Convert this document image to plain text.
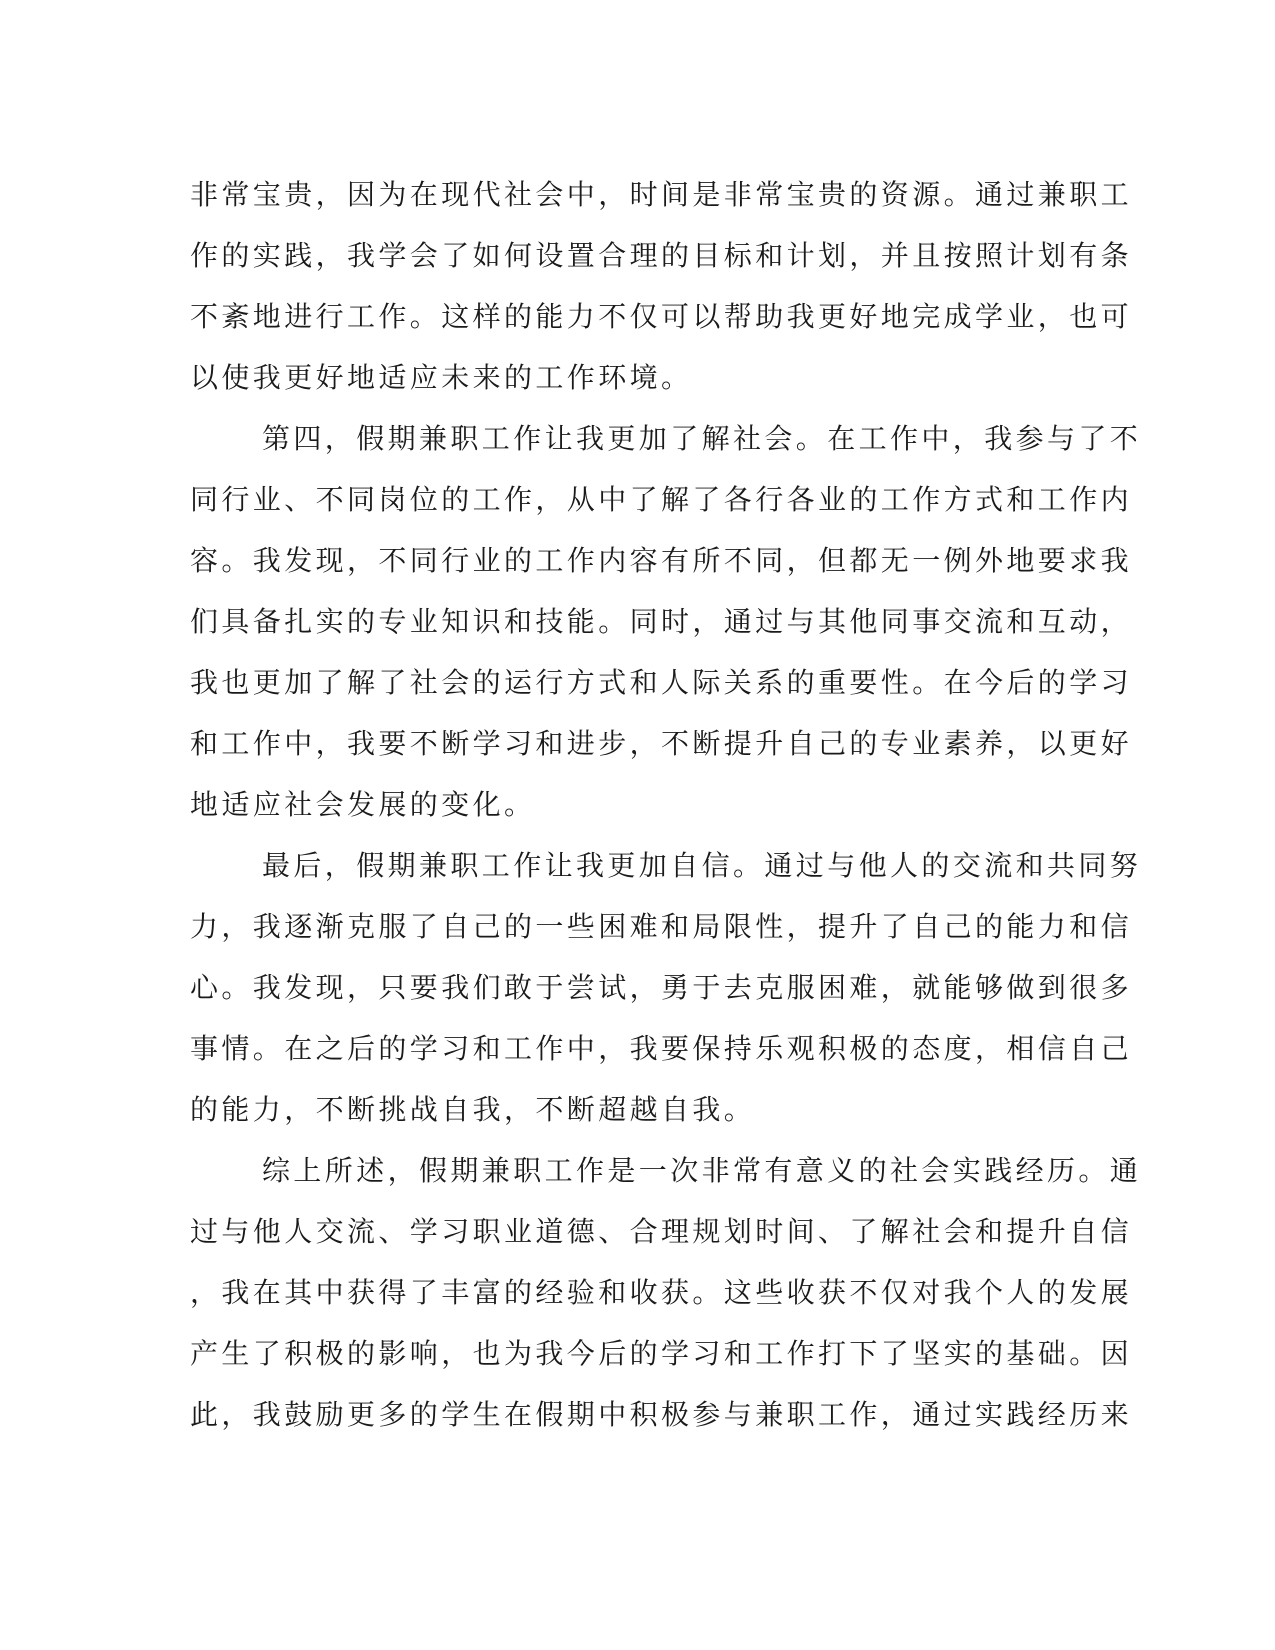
非常宝贵，因为在现代社会中，时间是非常宝贵的资源。通过兼职工
作的实践，我学会了如何设置合理的目标和计划，并且按照计划有条
不紊地进行工作。这样的能力不仅可以帮助我更好地完成学业，也可
以使我更好地适应未来的工作环境。
第四，假期兼职工作让我更加了解社会。在工作中，我参与了不
同行业、不同岗位的工作，从中了解了各行各业的工作方式和工作内
容。我发现，不同行业的工作内容有所不同，但都无一例外地要求我
们具备扎实的专业知识和技能。同时，通过与其他同事交流和互动，
我也更加了解了社会的运行方式和人际关系的重要性。在今后的学习
和工作中，我要不断学习和进步，不断提升自己的专业素养，以更好
地适应社会发展的变化。
最后，假期兼职工作让我更加自信。通过与他人的交流和共同努
力，我逐渐克服了自己的一些困难和局限性，提升了自己的能力和信
心。我发现，只要我们敢于尝试，勇于去克服困难，就能够做到很多
事情。在之后的学习和工作中，我要保持乐观积极的态度，相信自己
的能力，不断挑战自我，不断超越自我。
综上所述，假期兼职工作是一次非常有意义的社会实践经历。通
过与他人交流、学习职业道德、合理规划时间、了解社会和提升自信
，我在其中获得了丰富的经验和收获。这些收获不仅对我个人的发展
产生了积极的影响，也为我今后的学习和工作打下了坚实的基础。因
此，我鼓励更多的学生在假期中积极参与兼职工作，通过实践经历来
